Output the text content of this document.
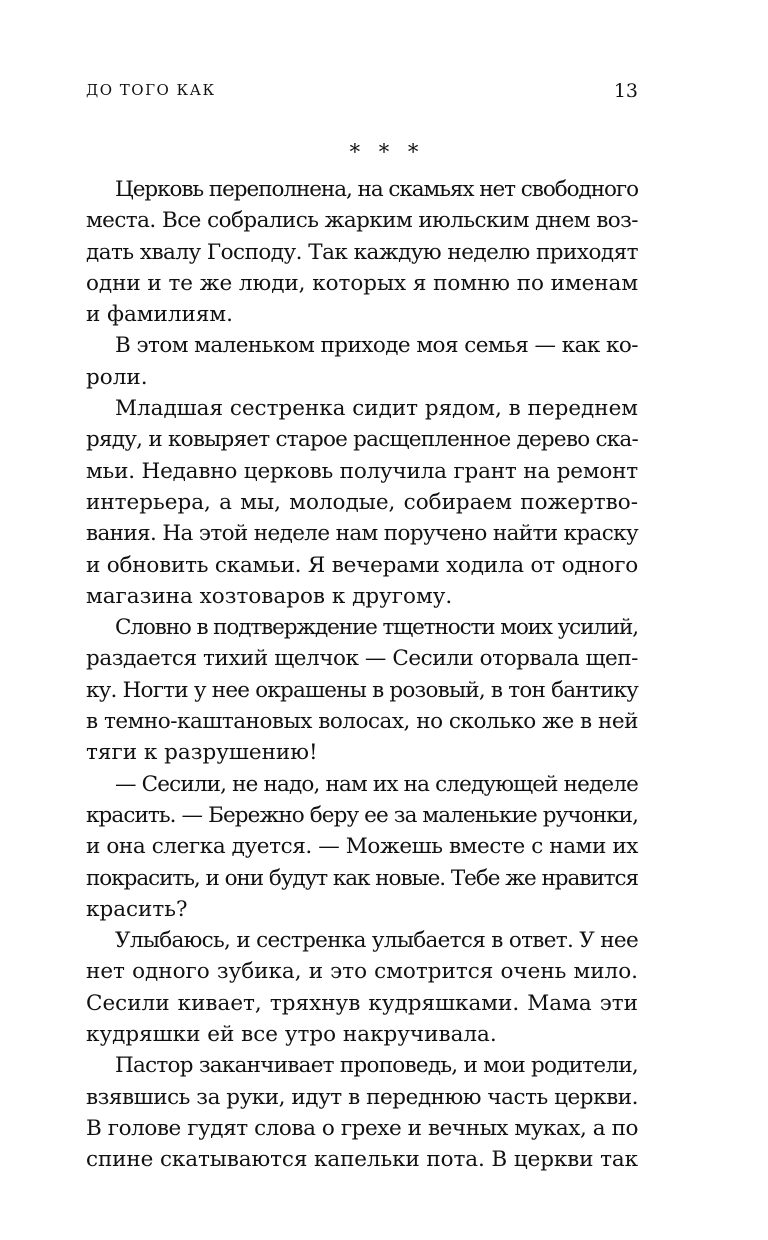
ДО ТОГО КАК	13
* * *
Церковь переполнена, на скамьях нет свободного
места. Все собрались жарким июльским днем воз-
дать хвалу Господу. Так каждую неделю приходят
одни и те же люди, которых я помню по именам
и фамилиям.
В этом маленьком приходе моя семья — как ко-
роли.
Младшая сестренка сидит рядом, в переднем
ряду, и ковыряет старое расщепленное дерево ска-
мьи. Недавно церковь получила грант на ремонт
интерьера, а мы, молодые, собираем пожертво-
вания. На этой неделе нам поручено найти краску
и обновить скамьи. Я вечерами ходила от одного
магазина хозтоваров к другому.
Словно в подтверждение тщетности моих усилий,
раздается тихий щелчок — Сесили оторвала щеп-
ку. Ногти у нее окрашены в розовый, в тон бантику
в темно-каштановых волосах, но сколько же в ней
тяги к разрушению!
— Сесили, не надо, нам их на следующей неделе
красить. — Бережно беру ее за маленькие ручонки,
и она слегка дуется. — Можешь вместе с нами их
покрасить, и они будут как новые. Тебе же нравится
красить?
Улыбаюсь, и сестренка улыбается в ответ. У нее
нет одного зубика, и это смотрится очень мило.
Сесили кивает, тряхнув кудряшками. Мама эти
кудряшки ей все утро накручивала.
Пастор заканчивает проповедь, и мои родители,
взявшись за руки, идут в переднюю часть церкви.
В голове гудят слова о грехе и вечных муках, а по
спине скатываются капельки пота. В церкви так
